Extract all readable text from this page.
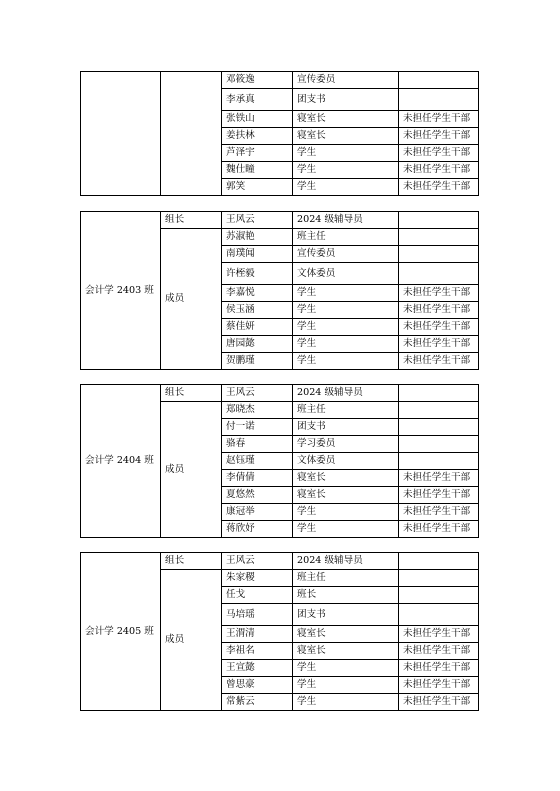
		邓筱逸	宣传委员	
		李承真	团支书	
		张铁山	寝室长	未担任学生干部
		姜扶林	寝室长	未担任学生干部
		芦泽宇	学生	未担任学生干部
		魏仕瞳	学生	未担任学生干部
		郭笑	学生	未担任学生干部
会计学 2403 班	组长	王风云	2024 级辅导员	
	成员	苏淑艳	班主任	
		南璞闻	宣传委员	
		许桎毅	文体委员	
		李嘉悦	学生	未担任学生干部
		侯玉涵	学生	未担任学生干部
		蔡佳妍	学生	未担任学生干部
		唐园懿	学生	未担任学生干部
		贺鹏瑾	学生	未担任学生干部
会计学 2404 班	组长	王风云	2024 级辅导员	
	成员	郑晓杰	班主任	
		付一诺	团支书	
		骆春	学习委员	
		赵钰瑾	文体委员	
		李倩倩	寝室长	未担任学生干部
		夏悠然	寝室长	未担任学生干部
		康冠举	学生	未担任学生干部
		蒋欣妤	学生	未担任学生干部
会计学 2405 班	组长	王风云	2024 级辅导员	
	成员	朱家稷	班主任	
		任戈	班长	
		马培瑶	团支书	
		王渭清	寝室长	未担任学生干部
		李祖名	寝室长	未担任学生干部
		王宣懿	学生	未担任学生干部
		曾思豪	学生	未担任学生干部
		常紫云	学生	未担任学生干部
